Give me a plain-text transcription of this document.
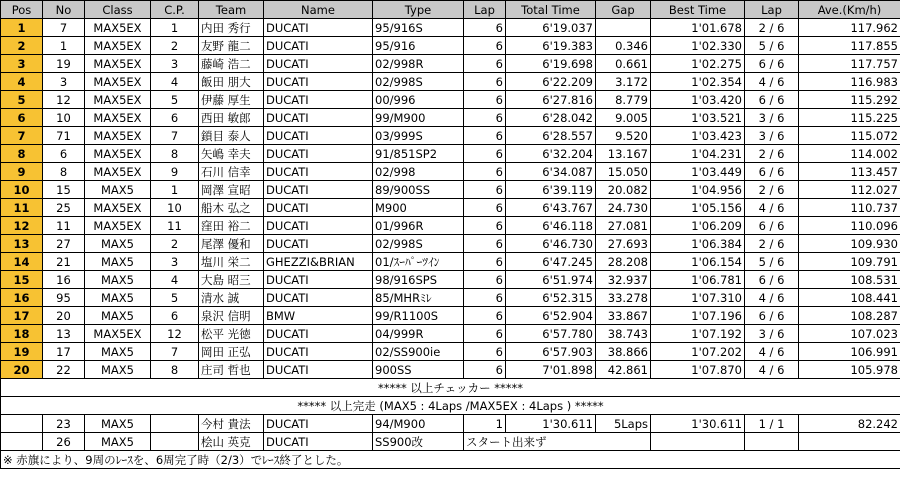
Pos	No	Class	C.P.	Team	Name	Type	Lap	Total Time	Gap	Best Time	Lap	Ave.(Km/h)
1	7	MAX5EX	1	内田 秀行	DUCATI	95/916S	6	6'19.037		1'01.678	2 / 6	117.962
2	1	MAX5EX	2	友野 龍二	DUCATI	95/916	6	6'19.383	0.346	1'02.330	5 / 6	117.855
3	19	MAX5EX	3	藤崎 浩二	DUCATI	02/998R	6	6'19.698	0.661	1'02.275	6 / 6	117.757
4	3	MAX5EX	4	飯田 朋大	DUCATI	02/998S	6	6'22.209	3.172	1'02.354	4 / 6	116.983
5	12	MAX5EX	5	伊藤 厚生	DUCATI	00/996	6	6'27.816	8.779	1'03.420	6 / 6	115.292
6	10	MAX5EX	6	西田 敏郎	DUCATI	99/M900	6	6'28.042	9.005	1'03.521	3 / 6	115.225
7	71	MAX5EX	7	鎖目 泰人	DUCATI	03/999S	6	6'28.557	9.520	1'03.423	3 / 6	115.072
8	6	MAX5EX	8	矢嶋 幸夫	DUCATI	91/851SP2	6	6'32.204	13.167	1'04.231	2 / 6	114.002
9	8	MAX5EX	9	石川 信幸	DUCATI	02/998	6	6'34.087	15.050	1'03.449	6 / 6	113.457
10	15	MAX5	1	岡澤 宣昭	DUCATI	89/900SS	6	6'39.119	20.082	1'04.956	2 / 6	112.027
11	25	MAX5EX	10	船木 弘之	DUCATI	M900	6	6'43.767	24.730	1'05.156	4 / 6	110.737
12	11	MAX5EX	11	窪田 裕二	DUCATI	01/996R	6	6'46.118	27.081	1'06.209	6 / 6	110.096
13	27	MAX5	2	尾澤 優和	DUCATI	02/998S	6	6'46.730	27.693	1'06.384	2 / 6	109.930
14	21	MAX5	3	塩川 栄二	GHEZZI&BRIAN	01/ｽｰﾊﾟｰﾂｲﾝ	6	6'47.245	28.208	1'06.154	5 / 6	109.791
15	16	MAX5	4	大島 昭三	DUCATI	98/916SPS	6	6'51.974	32.937	1'06.781	6 / 6	108.531
16	95	MAX5	5	清水 誠	DUCATI	85/MHRﾐﾚ	6	6'52.315	33.278	1'07.310	4 / 6	108.441
17	20	MAX5	6	泉沢 信明	BMW	99/R1100S	6	6'52.904	33.867	1'07.196	6 / 6	108.287
18	13	MAX5EX	12	松平 光徳	DUCATI	04/999R	6	6'57.780	38.743	1'07.192	3 / 6	107.023
19	17	MAX5	7	岡田 正弘	DUCATI	02/SS900ie	6	6'57.903	38.866	1'07.202	4 / 6	106.991
20	22	MAX5	8	庄司 哲也	DUCATI	900SS	6	7'01.898	42.861	1'07.870	4 / 6	105.978
***** 以上チェッカー *****												
***** 以上完走 (MAX5 : 4Laps /MAX5EX : 4Laps ) *****												
	23	MAX5		今村 貴法	DUCATI	94/M900	1	1'30.611	5Laps	1'30.611	1 / 1	82.242
	26	MAX5		桧山 英克	DUCATI	SS900改	スタート出来ず					
※ 赤旗により、9周のﾚｰｽを、6周完了時（2/3）でﾚｰｽ終了とした。												
